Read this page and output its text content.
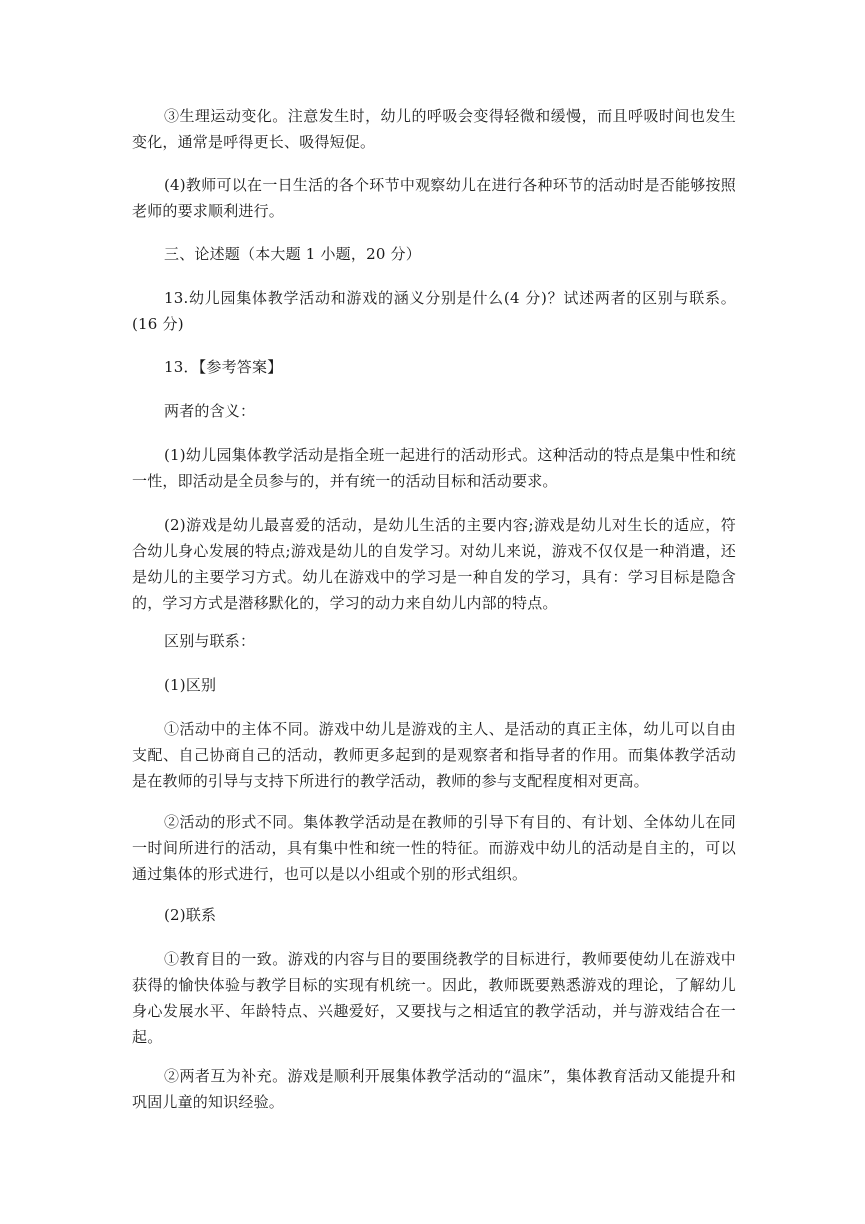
③生理运动变化。注意发生时，幼儿的呼吸会变得轻微和缓慢，而且呼吸时间也发生变化，通常是呼得更长、吸得短促。

(4)教师可以在一日生活的各个环节中观察幼儿在进行各种环节的活动时是否能够按照老师的要求顺利进行。

三、论述题（本大题 1 小题，20 分）

13.幼儿园集体教学活动和游戏的涵义分别是什么(4 分)？试述两者的区别与联系。(16 分)

13．【参考答案】

两者的含义：

(1)幼儿园集体教学活动是指全班一起进行的活动形式。这种活动的特点是集中性和统一性，即活动是全员参与的，并有统一的活动目标和活动要求。

(2)游戏是幼儿最喜爱的活动，是幼儿生活的主要内容;游戏是幼儿对生长的适应，符合幼儿身心发展的特点;游戏是幼儿的自发学习。对幼儿来说，游戏不仅仅是一种消遣，还是幼儿的主要学习方式。幼儿在游戏中的学习是一种自发的学习，具有：学习目标是隐含的，学习方式是潜移默化的，学习的动力来自幼儿内部的特点。

区别与联系：

(1)区别

①活动中的主体不同。游戏中幼儿是游戏的主人、是活动的真正主体，幼儿可以自由支配、自己协商自己的活动，教师更多起到的是观察者和指导者的作用。而集体教学活动是在教师的引导与支持下所进行的教学活动，教师的参与支配程度相对更高。

②活动的形式不同。集体教学活动是在教师的引导下有目的、有计划、全体幼儿在同一时间所进行的活动，具有集中性和统一性的特征。而游戏中幼儿的活动是自主的，可以通过集体的形式进行，也可以是以小组或个别的形式组织。

(2)联系

①教育目的一致。游戏的内容与目的要围绕教学的目标进行，教师要使幼儿在游戏中获得的愉快体验与教学目标的实现有机统一。因此，教师既要熟悉游戏的理论，了解幼儿身心发展水平、年龄特点、兴趣爱好，又要找与之相适宜的教学活动，并与游戏结合在一起。

②两者互为补充。游戏是顺利开展集体教学活动的“温床”，集体教育活动又能提升和巩固儿童的知识经验。
